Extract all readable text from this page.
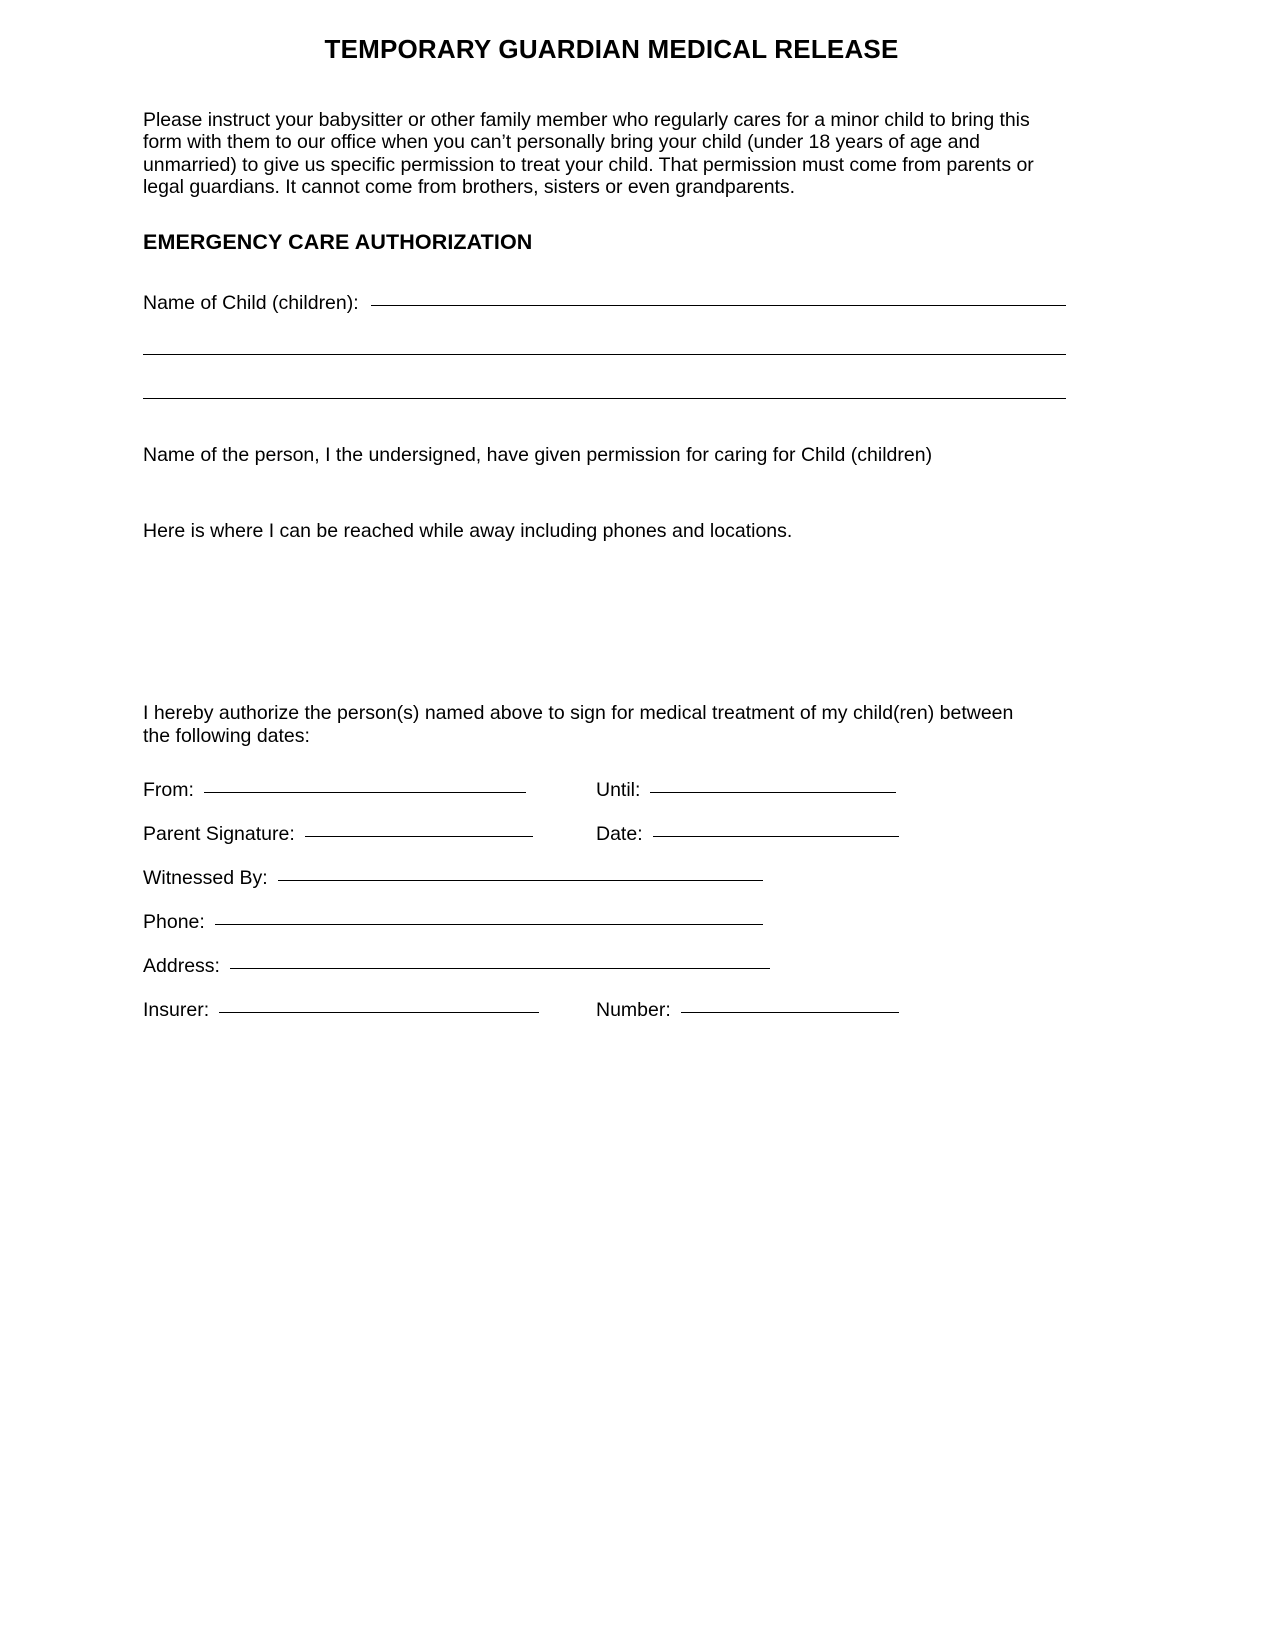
TEMPORARY GUARDIAN MEDICAL RELEASE

Please instruct your babysitter or other family member who regularly cares for a minor child to bring this form with them to our office when you can’t personally bring your child (under 18 years of age and unmarried) to give us specific permission to treat your child. That permission must come from parents or legal guardians. It cannot come from brothers, sisters or even grandparents.

EMERGENCY CARE AUTHORIZATION
Name of Child (children):

Name of the person, I the undersigned, have given permission for caring for Child (children)

Here is where I can be reached while away including phones and locations.

I hereby authorize the person(s) named above to sign for medical treatment of my child(ren) between the following dates:

From:	Until:
Parent Signature:	Date:
Witnessed By:
Phone:
Address:
Insurer:	Number:
